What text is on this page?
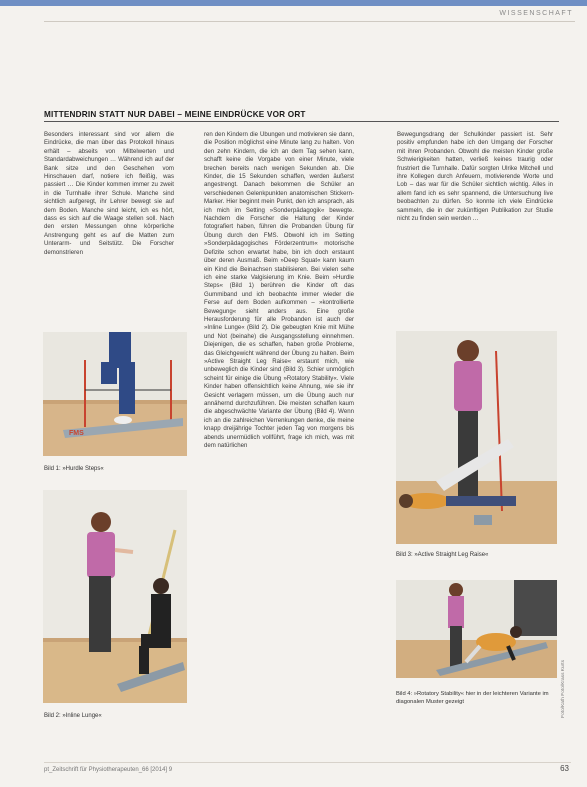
WISSENSCHAFT
MITTENDRIN STATT NUR DABEI – MEINE EINDRÜCKE VOR ORT
Besonders interessant sind vor allem die Eindrücke, die man über das Protokoll hinaus erhält – abseits von Mittelwerten und Standardabweichungen … Während ich auf der Bank sitze und den Geschehen vom Hinschauen darf, notiere ich fleißig, was passiert … Die Kinder kommen immer zu zweit in die Turnhalle ihrer Schule. Manche sind sichtlich aufgeregt, ihr Lehrer bewegt sie auf dem Boden. Manche sind leicht, ich es hört, dass es sich auf die Waage stellen soll. Nach den ersten Messungen ohne körperliche Anstrengung geht es auf die Matten zum Unterarm- und Seitstütz. Die Forscher demonstrieren
ren den Kindern die Übungen und motivieren sie dann, die Position möglichst eine Minute lang zu halten. Von den zehn Kindern, die ich an dem Tag sehen kann, schafft keine die Vorgabe von einer Minute, viele brechen bereits nach wenigen Sekunden ab. Die Kinder, die 15 Sekunden schaffen, werden äußerst angestrengt. Danach bekommen die Schüler an verschiedenen Gelenkpunkten anatomischen Stickern-Marker. Hier beginnt mein Punkt, den ich ansprach, als ich mich im Setting »Sonderpädagogik« bewegte. Nachdem die Forscher die Haltung der Kinder fotografiert haben, führen die Probanden Übung für Übung durch den FMS. Obwohl ich im Setting »Sonderpädagogisches Förderzentrum« motorische Defizite schon erwartet habe, bin ich doch erstaunt über deren Ausmaß. Beim »Deep Squat« kann kaum ein Kind die Beinachsen stabilisieren. Bei vielen sehe ich eine starke Valgisierung im Knie. Beim »Hurdle Steps« (Bild 1) berühren die Kinder oft das Gummiband und ich beobachte immer wieder die Ferse auf dem Boden aufkommen – »kontrollierte Bewegung« sieht anders aus. Eine große Herausforderung für alle Probanden ist auch der »Inline Lunge« (Bild 2). Die gebeugten Knie mit Mühe und Not (beinahe) die Ausgangsstellung einnehmen. Diejenigen, die es schaffen, haben große Probleme, das Gleichgewicht während der Übung zu halten. Beim »Active Straight Leg Raise« erstaunt mich, wie unbeweglich die Kinder sind (Bild 3). Schier unmöglich scheint für einige die Übung »Rotatory Stability«. Viele Kinder haben offensichtlich keine Ahnung, wie sie ihr Gesicht verlagern müssen, um die Übung auch nur annähernd durchzuführen. Die meisten schaffen kaum die abgeschwächte Variante der Übung (Bild 4). Wenn ich an die zahlreichen Verrenkungen denke, die meine knapp dreijährige Tochter jeden Tag von morgens bis abends unermüdlich vollführt, frage ich mich, was mit dem natürlichen
Bewegungsdrang der Schulkinder passiert ist. Sehr positiv empfunden habe ich den Umgang der Forscher mit ihren Probanden. Obwohl die meisten Kinder große Schwierigkeiten hatten, verließ keines traurig oder frustriert die Turnhalle. Dafür sorgten Ulrike Mitchell und ihre Kollegen durch Anfeuern, motivierende Worte und Lob – das war für die Schüler sichtlich wichtig. Alles in allem fand ich es sehr spannend, die Untersuchung live beobachten zu dürfen. So konnte ich viele Eindrücke sammeln, die in der zukünftigen Publikation zur Studie nicht zu finden sein werden …
FMS
Bild 1: »Hurdle Steps«
Bild 2: »Inline Lunge«
Bild 3: »Active Straight Leg Raise«
Bild 4: »Rotatory Stability« hier in der leichteren Variante im diagonalen Muster gezeigt	Foto/Kath Foto/Krass Kurts
pt_Zeitschrift für Physiotherapeuten_66 [2014] 9	63
